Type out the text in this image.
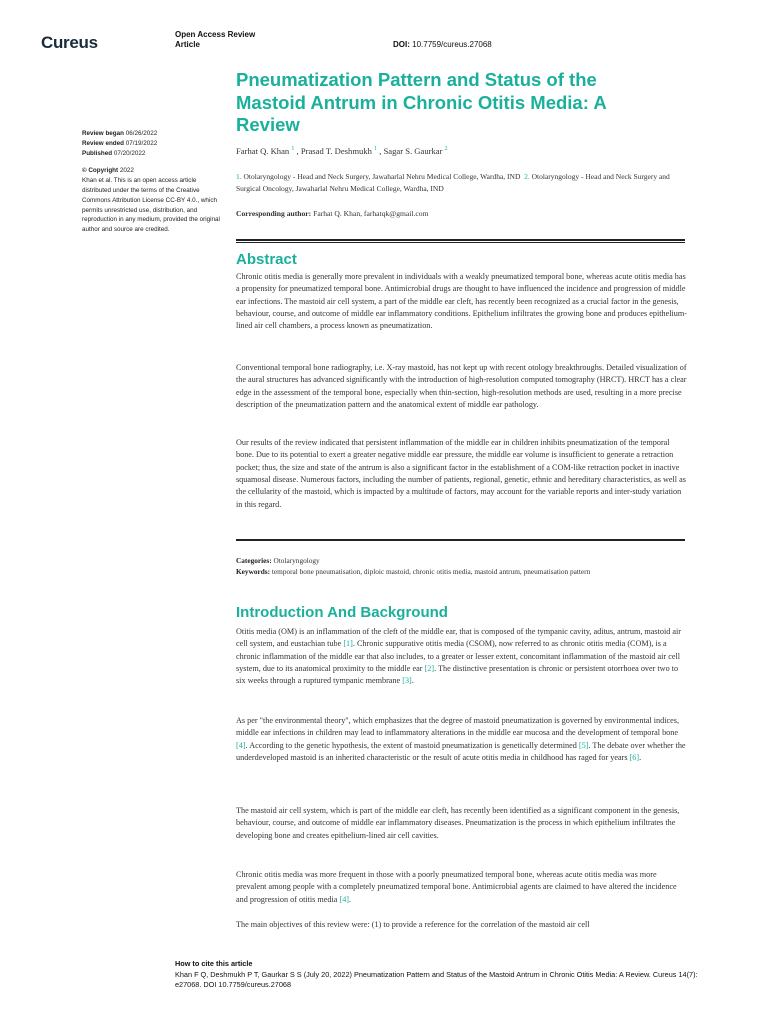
Cureus	Open Access Review
Article	DOI: 10.7759/cureus.27068
Pneumatization Pattern and Status of the Mastoid Antrum in Chronic Otitis Media: A Review
Review began 06/26/2022
Review ended 07/19/2022
Published 07/20/2022
© Copyright 2022
Khan et al. This is an open access article distributed under the terms of the Creative Commons Attribution License CC-BY 4.0., which permits unrestricted use, distribution, and reproduction in any medium, provided the original author and source are credited.
Farhat Q. Khan $^1$ , Prasad T. Deshmukh $^1$ , Sagar S. Gaurkar $^2$
1. Otolaryngology - Head and Neck Surgery, Jawaharlal Nehru Medical College, Wardha, IND 2. Otolaryngology - Head and Neck Surgery and Surgical Oncology, Jawaharlal Nehru Medical College, Wardha, IND
Corresponding author: Farhat Q. Khan, farhatqk@gmail.com
Abstract

Chronic otitis media is generally more prevalent in individuals with a weakly pneumatized temporal bone, whereas acute otitis media has a propensity for pneumatized temporal bone. Antimicrobial drugs are thought to have influenced the incidence and progression of middle ear infections. The mastoid air cell system, a part of the middle ear cleft, has recently been recognized as a crucial factor in the genesis, behaviour, course, and outcome of middle ear inflammatory conditions. Epithelium infiltrates the growing bone and produces epithelium-lined air cell chambers, a process known as pneumatization.

Conventional temporal bone radiography, i.e. X-ray mastoid, has not kept up with recent otology breakthroughs. Detailed visualization of the aural structures has advanced significantly with the introduction of high-resolution computed tomography (HRCT). HRCT has a clear edge in the assessment of the temporal bone, especially when thin-section, high-resolution methods are used, resulting in a more precise description of the pneumatization pattern and the anatomical extent of middle ear pathology.

Our results of the review indicated that persistent inflammation of the middle ear in children inhibits pneumatization of the temporal bone. Due to its potential to exert a greater negative middle ear pressure, the middle ear volume is insufficient to generate a retraction pocket; thus, the size and state of the antrum is also a significant factor in the establishment of a COM-like retraction pocket in inactive squamosal disease. Numerous factors, including the number of patients, regional, genetic, ethnic and hereditary characteristics, as well as the cellularity of the mastoid, which is impacted by a multitude of factors, may account for the variable reports and inter-study variation in this regard.

Categories: Otolaryngology
Keywords: temporal bone pneumatisation, diploic mastoid, chronic otitis media, mastoid antrum, pneumatisation pattern
Introduction And Background

Otitis media (OM) is an inflammation of the cleft of the middle ear, that is composed of the tympanic cavity, aditus, antrum, mastoid air cell system, and eustachian tube [1]. Chronic suppurative otitis media (CSOM), now referred to as chronic otitis media (COM), is a chronic inflammation of the middle ear that also includes, to a greater or lesser extent, concomitant inflammation of the mastoid air cell system, due to its anatomical proximity to the middle ear [2]. The distinctive presentation is chronic or persistent otorrhoea over two to six weeks through a ruptured tympanic membrane [3].

As per "the environmental theory", which emphasizes that the degree of mastoid pneumatization is governed by environmental indices, middle ear infections in children may lead to inflammatory alterations in the middle ear mucosa and the development of temporal bone [4]. According to the genetic hypothesis, the extent of mastoid pneumatization is genetically determined [5]. The debate over whether the underdeveloped mastoid is an inherited characteristic or the result of acute otitis media in childhood has raged for years [6].

The mastoid air cell system, which is part of the middle ear cleft, has recently been identified as a significant component in the genesis, behaviour, course, and outcome of middle ear inflammatory diseases. Pneumatization is the process in which epithelium infiltrates the developing bone and creates epithelium-lined air cell cavities.

Chronic otitis media was more frequent in those with a poorly pneumatized temporal bone, whereas acute otitis media was more prevalent among people with a completely pneumatized temporal bone. Antimicrobial agents are claimed to have altered the incidence and progression of otitis media [4].

The main objectives of this review were: (1) to provide a reference for the correlation of the mastoid air cell

How to cite this article
Khan F Q, Deshmukh P T, Gaurkar S S (July 20, 2022) Pneumatization Pattern and Status of the Mastoid Antrum in Chronic Otitis Media: A Review. Cureus 14(7): e27068. DOI 10.7759/cureus.27068
